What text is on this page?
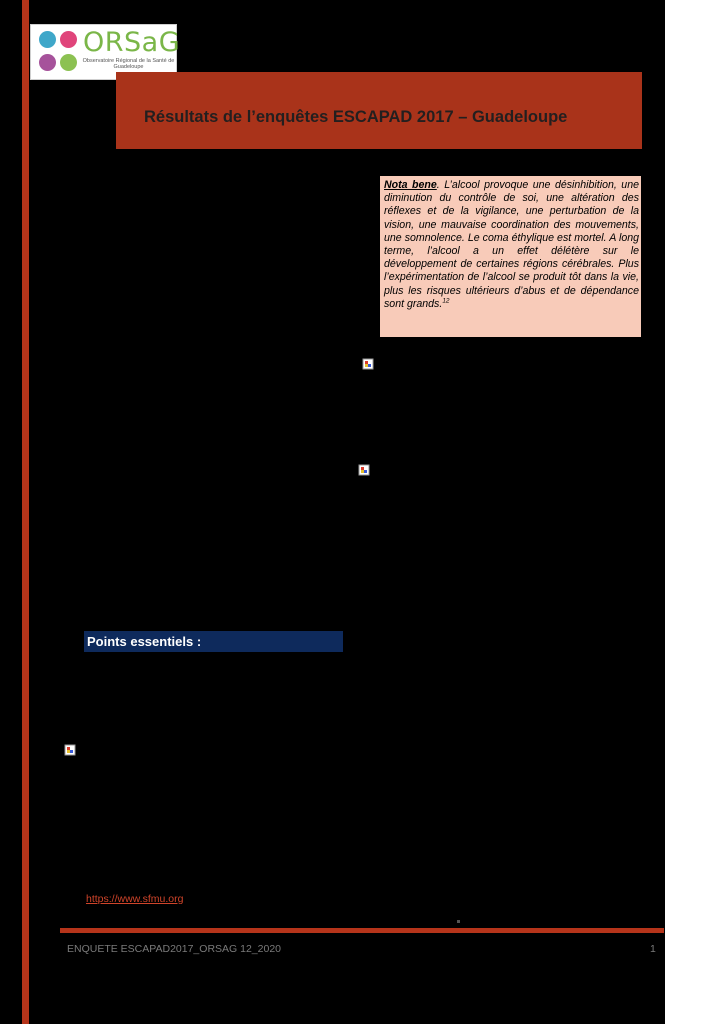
ORSaG
Observatoire Régional de la Santé de Guadeloupe
Résultats de l’enquêtes ESCAPAD 2017 – Guadeloupe
Nota bene. L’alcool provoque une désinhibition, une diminution du contrôle de soi, une altération des réflexes et de la vigilance, une perturbation de la vision, une mauvaise coordination des mouvements, une somnolence. Le coma éthylique est mortel. A long terme, l’alcool a un effet délétère sur le développement de certaines régions cérébrales. Plus l’expérimentation de l’alcool se produit tôt dans la vie, plus les risques ultérieurs d’abus et de dépendance sont grands.$^{12}$
Points essentiels :
https://www.sfmu.org
ENQUETE ESCAPAD2017_ORSAG 12_2020	1
